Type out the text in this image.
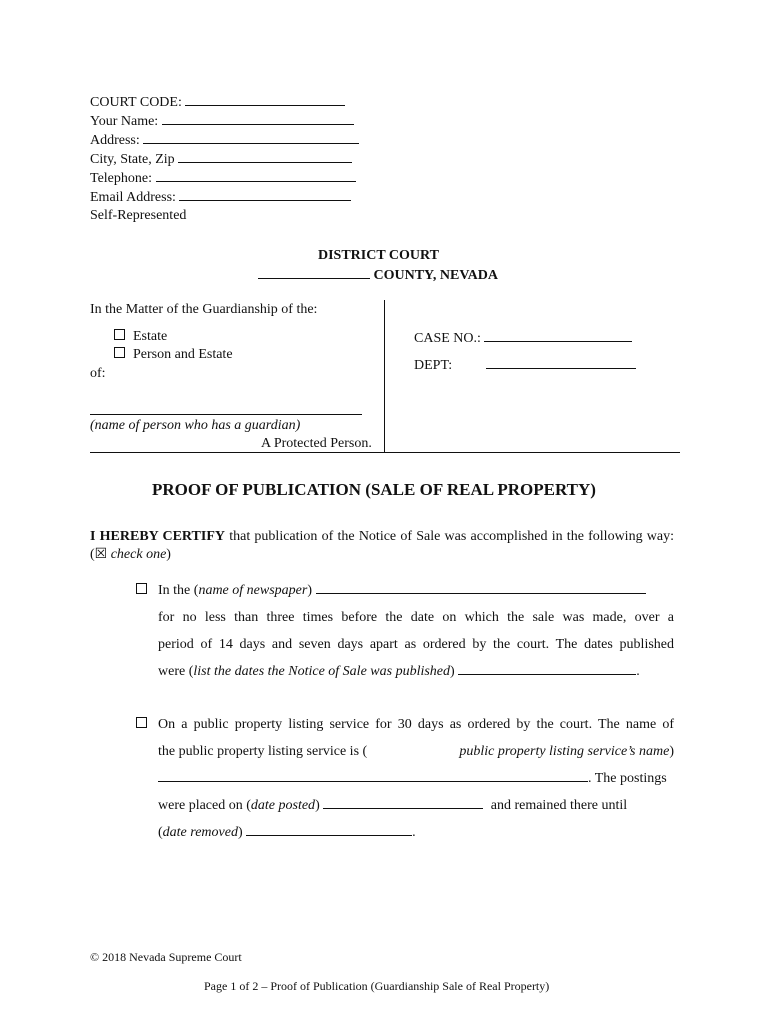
COURT CODE:
Your Name:
Address:
City, State, Zip
Telephone:
Email Address:
Self-Represented
DISTRICT COURT
COUNTY, NEVADA
In the Matter of the Guardianship of the:
Estate
Person and Estate
of:
(name of person who has a guardian)
A Protected Person.
CASE NO.:
DEPT:
PROOF OF PUBLICATION (SALE OF REAL PROPERTY)
I HEREBY CERTIFY that publication of the Notice of Sale was accomplished in the following way: (☒ check one)
In the (name of newspaper)
for no less than three times before the date on which the sale was made, over a
period of 14 days and seven days apart as ordered by the court. The dates published
were (list the dates the Notice of Sale was published)	.
On a public property listing service for 30 days as ordered by the court. The name of
the public property listing service is (	public property listing service’s name)
. The postings
were placed on (date posted)	and remained there until
(date removed)	.
© 2018 Nevada Supreme Court
Page 1 of 2 – Proof of Publication (Guardianship Sale of Real Property)
